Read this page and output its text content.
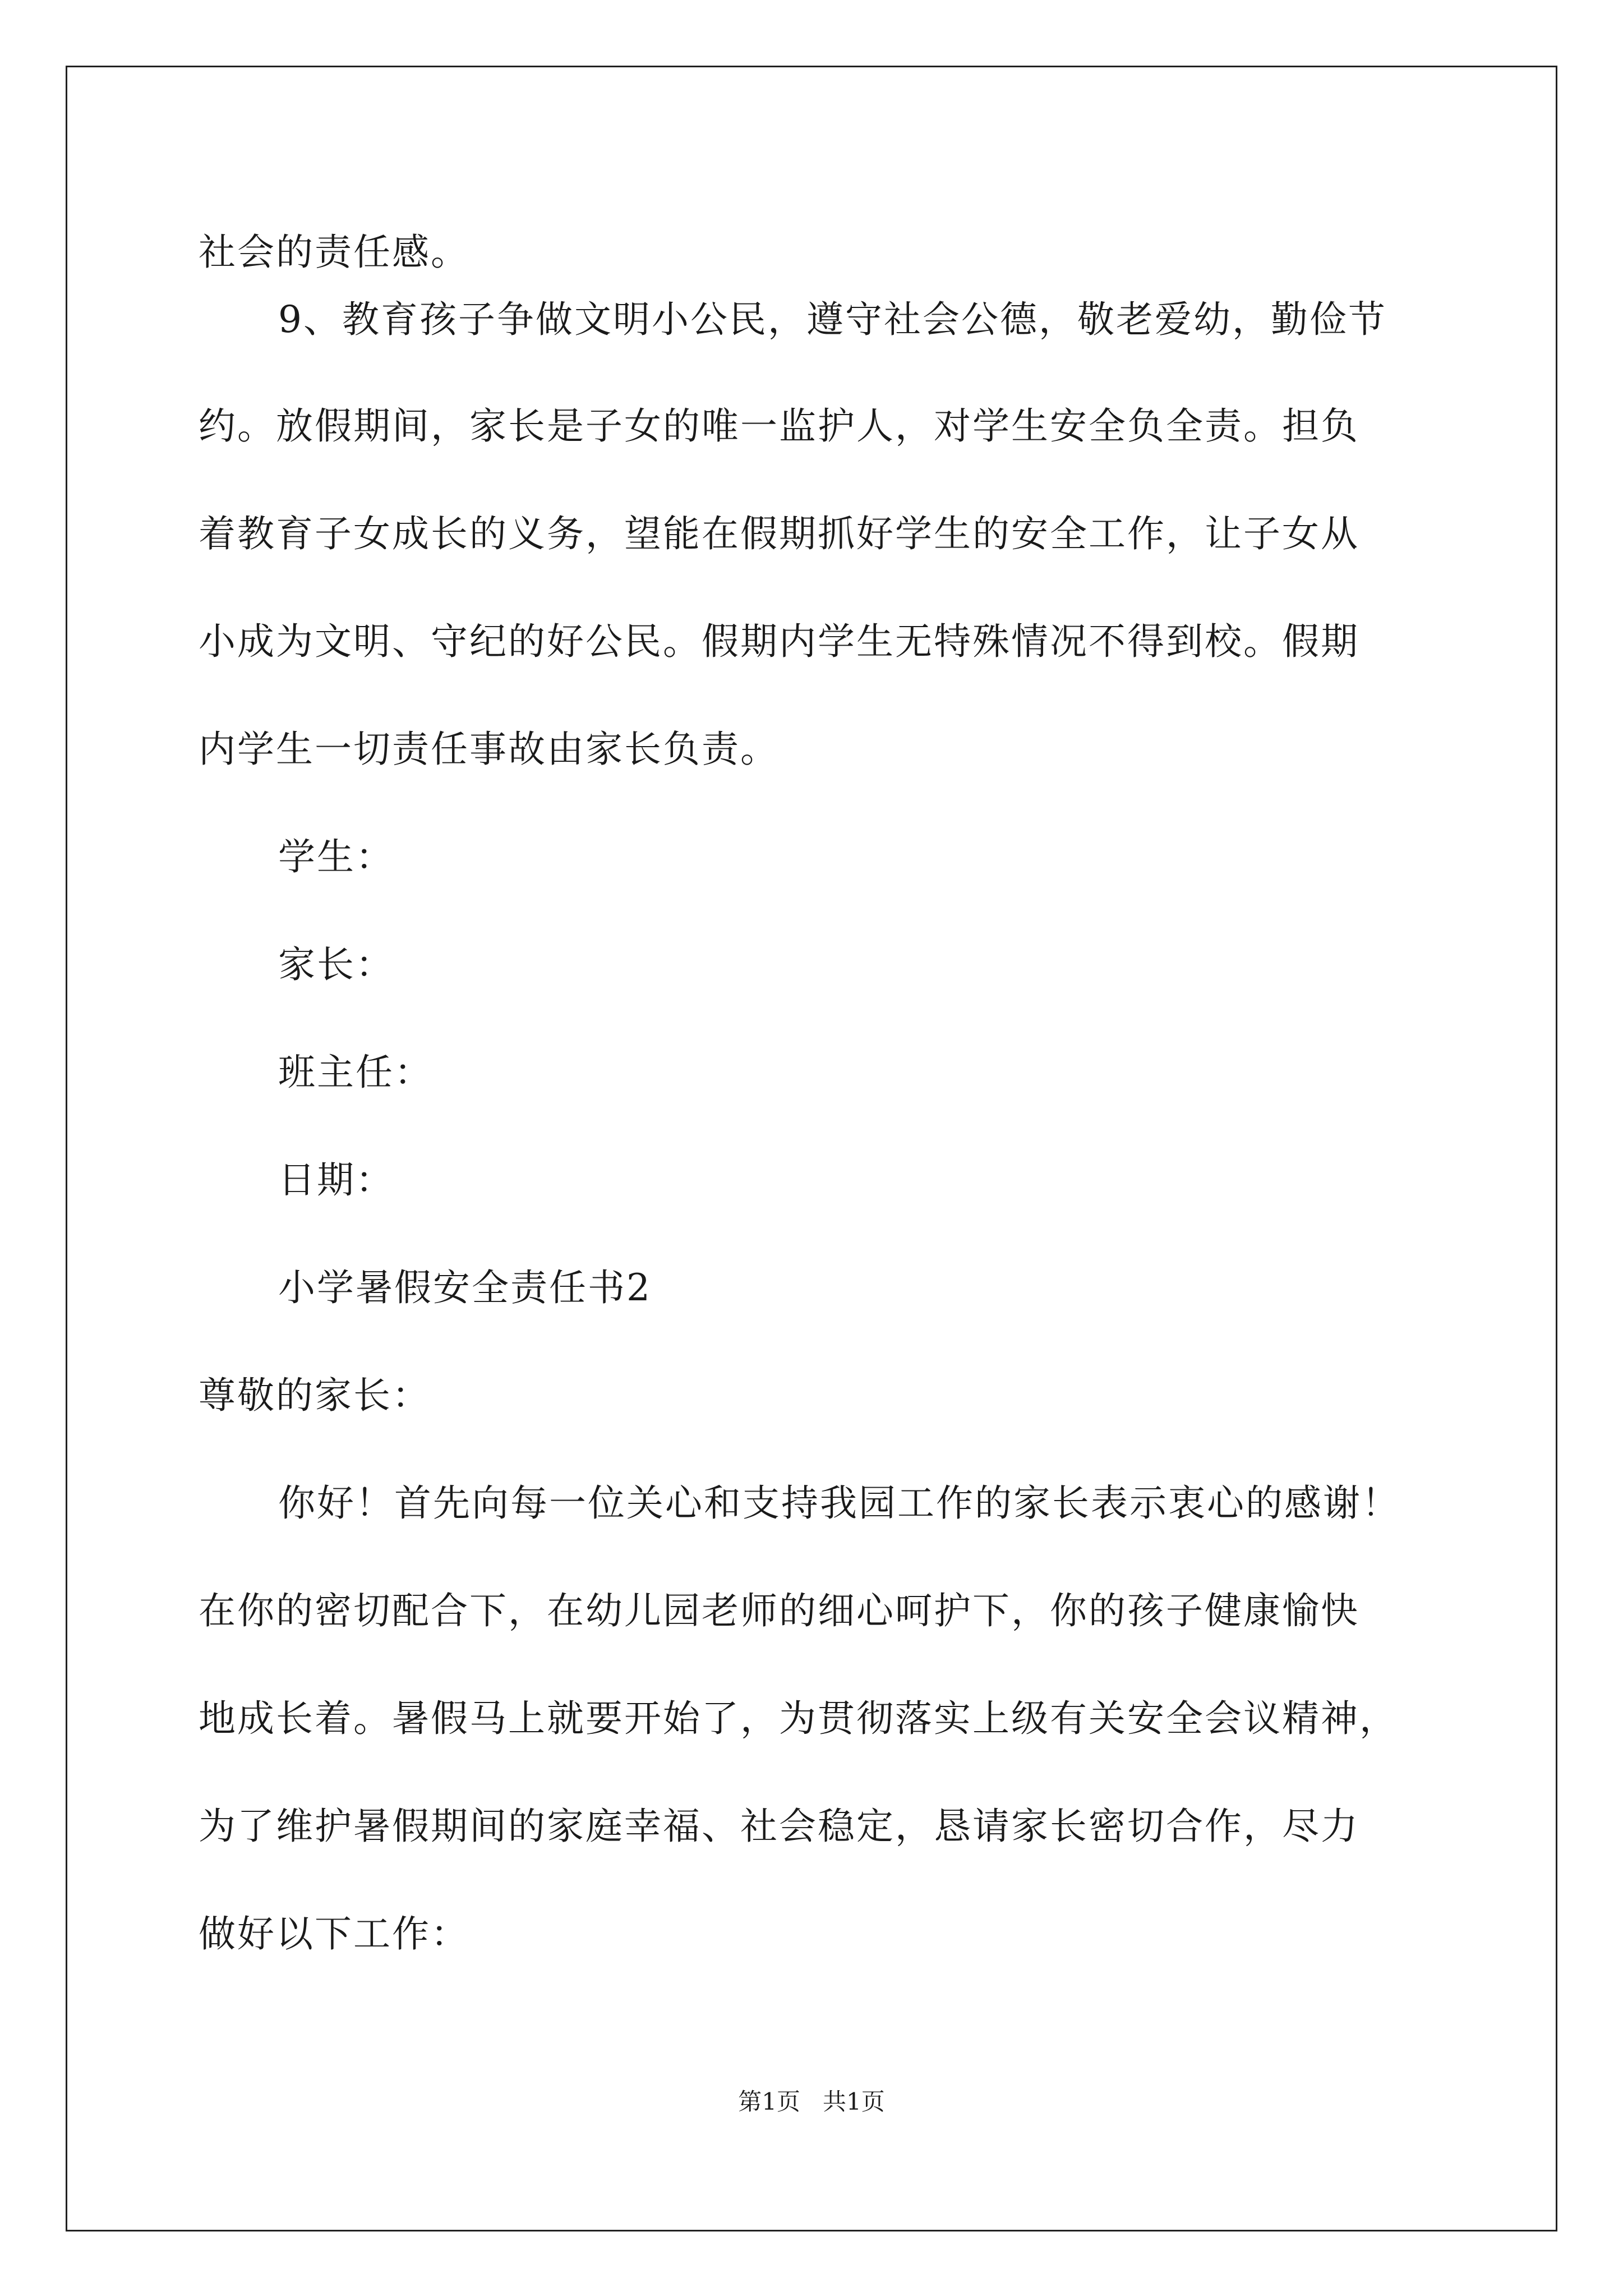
社会的责任感。
9、教育孩子争做文明小公民，遵守社会公德，敬老爱幼，勤俭节
约。放假期间，家长是子女的唯一监护人，对学生安全负全责。担负
着教育子女成长的义务，望能在假期抓好学生的安全工作，让子女从
小成为文明、守纪的好公民。假期内学生无特殊情况不得到校。假期
内学生一切责任事故由家长负责。
学生：
家长：
班主任：
日期：
小学暑假安全责任书2
尊敬的家长：
你好！首先向每一位关心和支持我园工作的家长表示衷心的感谢！
在你的密切配合下，在幼儿园老师的细心呵护下，你的孩子健康愉快
地成长着。暑假马上就要开始了，为贯彻落实上级有关安全会议精神，
为了维护暑假期间的家庭幸福、社会稳定，恳请家长密切合作，尽力
做好以下工作：
第1页   共1页
